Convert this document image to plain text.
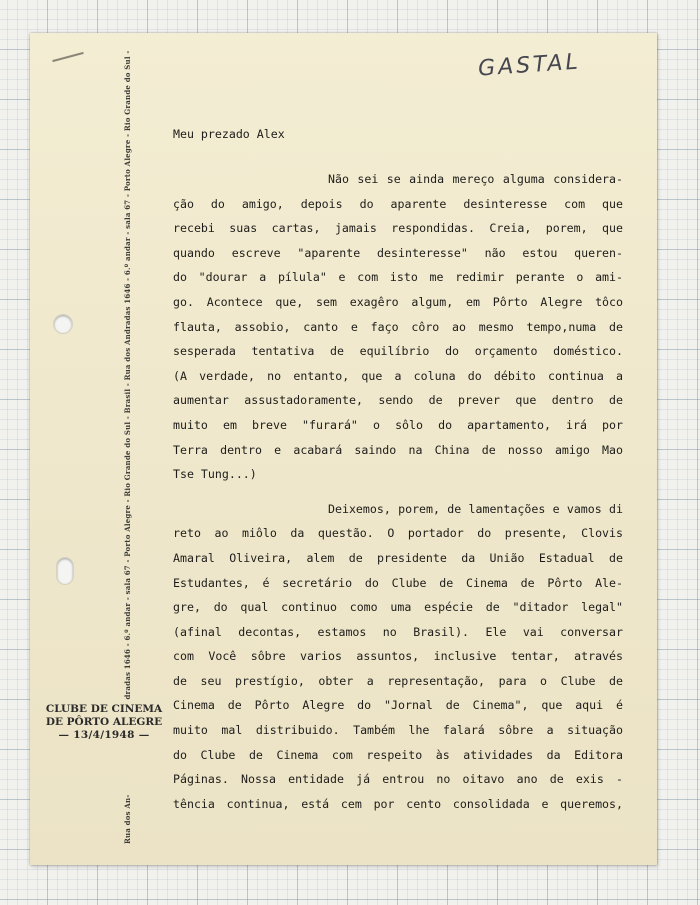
GASTAL
Rua dos An-dradas 1646 - 6.º andar - sala 67 - Porto Alegre - Rio Grande do Sul - Brasil - Rua dos Andradas 1646 - 6.º andar - sala 67 - Porto Alegre - Rio Grande do Sul -
CLUBE DE CINEMA
DE PÔRTO ALEGRE
— 13/4/1948 —
Meu prezado Alex
Não sei se ainda mereço alguma considera-
ção do amigo, depois do aparente desinteresse com que
recebi suas cartas, jamais respondidas. Creia, porem, que
quando escreve "aparente desinteresse" não estou queren-
do "dourar a pílula" e com isto me redimir perante o ami-
go. Acontece que, sem exagêro algum, em Pôrto Alegre tôco
flauta, assobio, canto e faço côro ao mesmo tempo,numa de
sesperada tentativa de equilíbrio do orçamento doméstico.
(A verdade, no entanto, que a coluna do débito continua a
aumentar assustadoramente, sendo de prever que dentro de
muito em breve "furará" o sôlo do apartamento, irá por
Terra dentro e acabará saindo na China de nosso amigo Mao
Tse Tung...)
Deixemos, porem, de lamentações e vamos di
reto ao miôlo da questão. O portador do presente, Clovis
Amaral Oliveira, alem de presidente da União Estadual de
Estudantes, é secretário do Clube de Cinema de Pôrto Ale-
gre, do qual continuo como uma espécie de "ditador legal"
(afinal decontas, estamos no Brasil). Ele vai conversar
com Você sôbre varios assuntos, inclusive tentar, através
de seu prestígio, obter a representação, para o Clube de
Cinema de Pôrto Alegre do "Jornal de Cinema", que aqui é
muito mal distribuido. Também lhe falará sôbre a situação
do Clube de Cinema com respeito às atividades da Editora
Páginas. Nossa entidade já entrou no oitavo ano de exis -
tência continua, está cem por cento consolidada e queremos,
